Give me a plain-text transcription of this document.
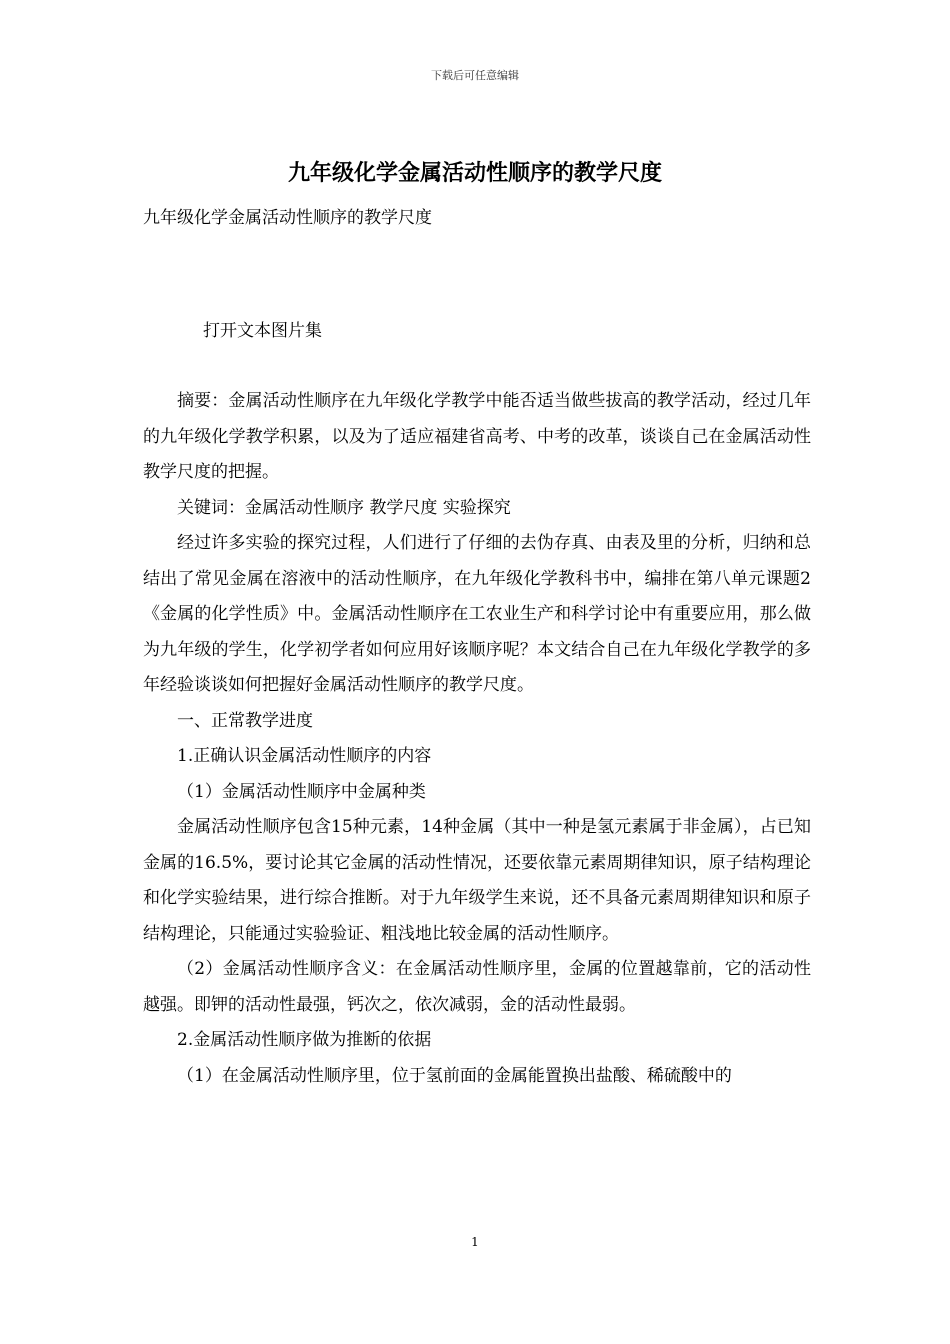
下载后可任意编辑
九年级化学金属活动性顺序的教学尺度
九年级化学金属活动性顺序的教学尺度
打开文本图片集

摘要：金属活动性顺序在九年级化学教学中能否适当做些拔高的教学活动，经过几年的九年级化学教学积累，以及为了适应福建省高考、中考的改革，谈谈自己在金属活动性教学尺度的把握。

关键词：金属活动性顺序 教学尺度 实验探究

经过许多实验的探究过程，人们进行了仔细的去伪存真、由表及里的分析，归纳和总结出了常见金属在溶液中的活动性顺序，在九年级化学教科书中，编排在第八单元课题2《金属的化学性质》中。金属活动性顺序在工农业生产和科学讨论中有重要应用，那么做为九年级的学生，化学初学者如何应用好该顺序呢？本文结合自己在九年级化学教学的多年经验谈谈如何把握好金属活动性顺序的教学尺度。

一、正常教学进度

1.正确认识金属活动性顺序的内容

（1）金属活动性顺序中金属种类

金属活动性顺序包含15种元素，14种金属（其中一种是氢元素属于非金属），占已知金属的16.5%，要讨论其它金属的活动性情况，还要依靠元素周期律知识，原子结构理论和化学实验结果，进行综合推断。对于九年级学生来说，还不具备元素周期律知识和原子结构理论，只能通过实验验证、粗浅地比较金属的活动性顺序。

（2）金属活动性顺序含义：在金属活动性顺序里，金属的位置越靠前，它的活动性越强。即钾的活动性最强，钙次之，依次减弱，金的活动性最弱。

2.金属活动性顺序做为推断的依据

（1）在金属活动性顺序里，位于氢前面的金属能置换出盐酸、稀硫酸中的

1
